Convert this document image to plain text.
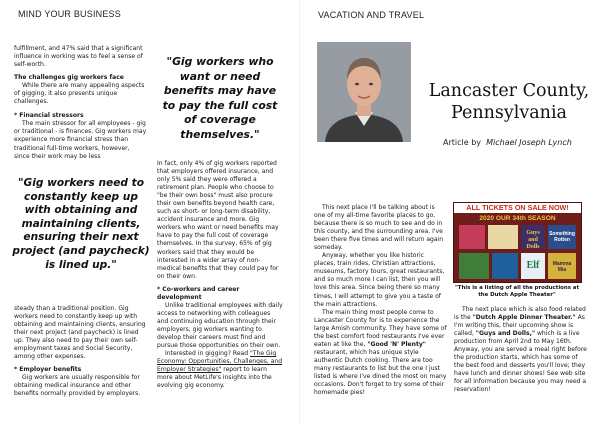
MIND YOUR BUSINESS

fulfillment, and 47% said that a significant influence in working was to feel a sense of self-worth.

The challenges gig workers face

While there are many appealing aspects of gigging, it also presents unique challenges.

* Financial stressors

The main stressor for all employees - gig or traditional - is finances. Gig workers may experience more financial stress than traditional full-time workers, however, since their work may be less

"Gig workers need to constantly keep up with obtaining and maintaining clients, ensuring their next project (and paycheck) is lined up."

steady than a traditional position. Gig workers need to constantly keep up with obtaining and maintaining clients, ensuring their next project (and paycheck) is lined up. They also need to pay their own self-employment taxes and Social Security, among other expenses.

* Employer benefits

Gig workers are usually responsible for obtaining medical insurance and other benefits normally provided by employers.

"Gig workers who want or need benefits may have to pay the full cost of coverage themselves."

In fact, only 4% of gig workers reported that employers offered insurance, and only 5% said they were offered a retirement plan. People who choose to "be their own boss" must also procure their own benefits beyond health care, such as short- or long-term disability, accident insurance and more. Gig workers who want or need benefits may have to pay the full cost of coverage themselves. In the survey, 65% of gig workers said that they would be interested in a wider array of non-medical benefits that they could pay for on their own.

* Co-workers and career development

Unlike traditional employees with daily access to networking with colleagues and continuing education through their employers, gig workers wanting to develop their careers must find and pursue those opportunities on their own.

Interested in gigging? Read "The Gig Economy: Opportunities, Challenges, and Employer Strategies" report to learn more about MetLife's insights into the evolving gig economy.

VACATION AND TRAVEL
Lancaster County, Pennsylvania
Article by Michael Joseph Lynch

This next place I'll be talking about is one of my all-time favorite places to go, because there is so much to see and do in this county, and the surrounding area. I've been there five times and will return again someday.

Anyway, whether you like historic places, train rides, Christian attractions, museums, factory tours, great restaurants, and so much more I can list, then you will love this area. Since being there so many times, I will attempt to give you a taste of the main attractions.

The main thing most people come to Lancaster County for is to experience the large Amish community. They have some of the best comfort food restaurants I've ever eaten at like the, "Good 'N' Plenty" restaurant, which has unique style authentic Dutch cooking. There are too many restaurants to list but the one I just listed is where I've dined the most on many occasions. Don't forget to try some of their homemade pies!

ALL TICKETS ON SALE NOW!
2020 OUR 34th SEASON
Guys and Dolls
Something Rotten
Elf	Mamma Mia
"This is a listing of all the productions at the Dutch Apple Theater"

The next place which is also food related is the "Dutch Apple Dinner Theater." As I'm writing this, their upcoming show is called, "Guys and Dolls," which is a live production from April 2nd to May 16th. Anyway, you are served a meal right before the production starts, which has some of the best food and desserts you'll love; they have lunch and dinner shows! See web site for all information because you may need a reservation!
